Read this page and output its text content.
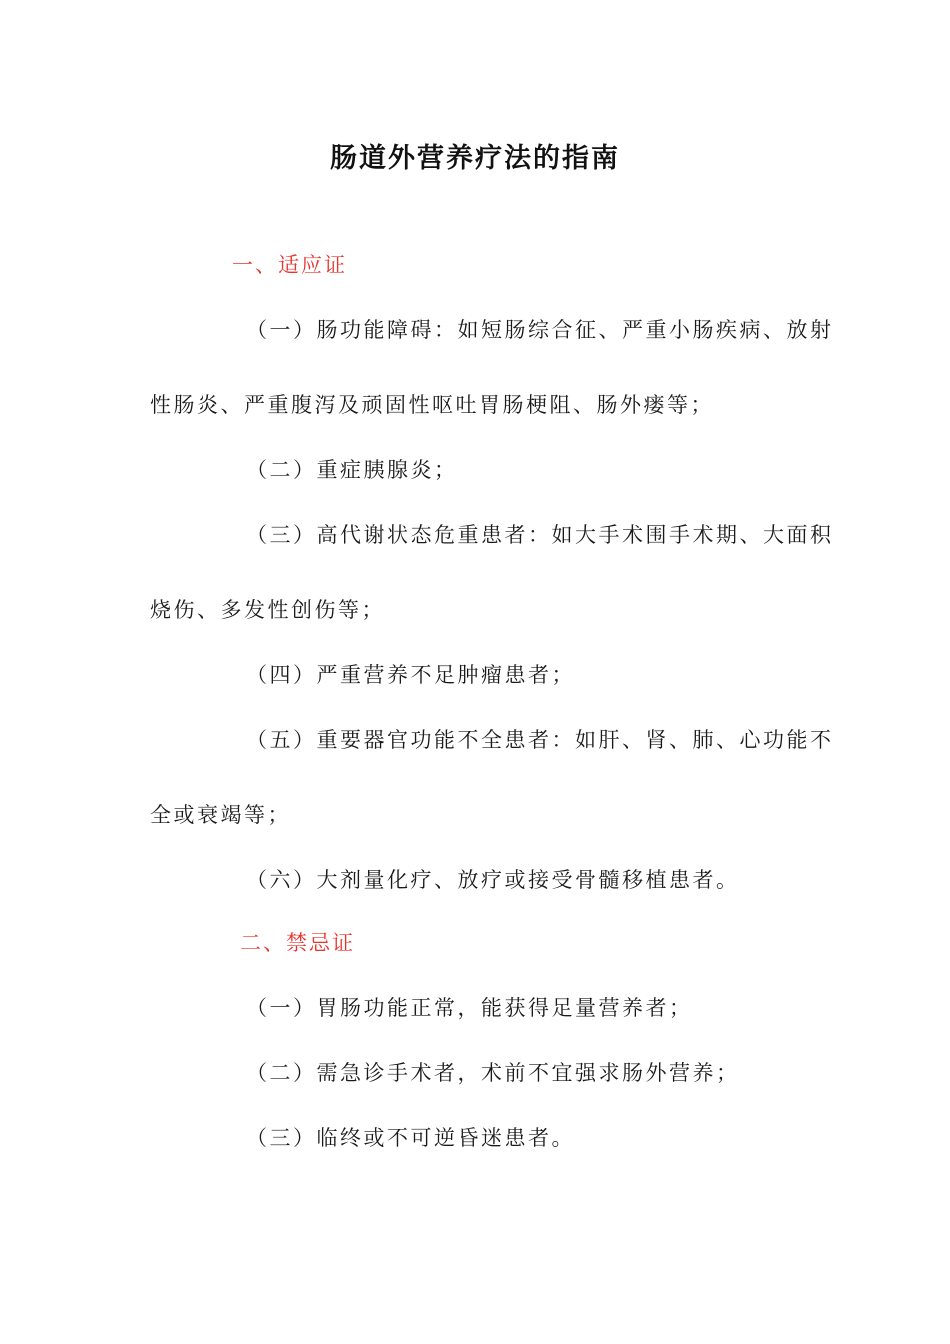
肠道外营养疗法的指南
一、适应证
（一）肠功能障碍：如短肠综合征、严重小肠疾病、放射
性肠炎、严重腹泻及顽固性呕吐胃肠梗阻、肠外瘘等；
（二）重症胰腺炎；
（三）高代谢状态危重患者：如大手术围手术期、大面积
烧伤、多发性创伤等；
（四）严重营养不足肿瘤患者；
（五）重要器官功能不全患者：如肝、肾、肺、心功能不
全或衰竭等；
（六）大剂量化疗、放疗或接受骨髓移植患者。
二、禁忌证
（一）胃肠功能正常，能获得足量营养者；
（二）需急诊手术者，术前不宜强求肠外营养；
（三）临终或不可逆昏迷患者。
